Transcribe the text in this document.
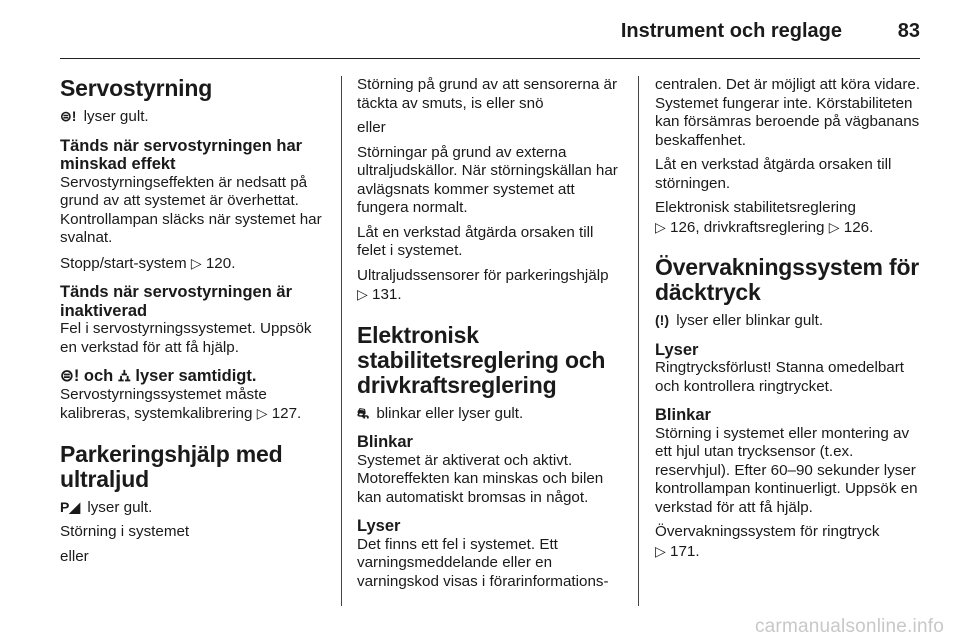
Instrument och reglage	83
Servostyrning

⊜! lyser gult.

Tänds när servostyrningen har minskad effekt

Servostyrningseffekten är nedsatt på grund av att systemet är överhettat. Kontrollampan släcks när systemet har svalnat.

Stopp/start-system ▷ 120.

Tänds när servostyrningen är inaktiverad

Fel i servostyrningssystemet. Uppsök en verkstad för att få hjälp.

⊜! och ⛼ lyser samtidigt.

Servostyrningssystemet måste kalibreras, systemkalibrering ▷ 127.

Parkeringshjälp med ultraljud

P◢ lyser gult.

Störning i systemet

eller

Störning på grund av att sensorerna är täckta av smuts, is eller snö

eller

Störningar på grund av externa ultraljudskällor. När störningskällan har avlägsnats kommer systemet att fungera normalt.

Låt en verkstad åtgärda orsaken till felet i systemet.

Ultraljudssensorer för parkeringshjälp ▷ 131.

Elektronisk stabilitetsreglering och drivkraftsreglering

⛐ blinkar eller lyser gult.

Blinkar

Systemet är aktiverat och aktivt. Motoreffekten kan minskas och bilen kan automatiskt bromsas in något.

Lyser

Det finns ett fel i systemet. Ett varningsmeddelande eller en varningskod visas i förarinformations-

centralen. Det är möjligt att köra vidare. Systemet fungerar inte. Körstabiliteten kan försämras beroende på vägbanans beskaffenhet.

Låt en verkstad åtgärda orsaken till störningen.

Elektronisk stabilitetsreglering
▷ 126, drivkraftsreglering ▷ 126.

Övervakningssystem för däcktryck

(!) lyser eller blinkar gult.

Lyser

Ringtrycksförlust! Stanna omedelbart och kontrollera ringtrycket.

Blinkar

Störning i systemet eller montering av ett hjul utan trycksensor (t.ex. reservhjul). Efter 60–90 sekunder lyser kontrollampan kontinuerligt. Uppsök en verkstad för att få hjälp.

Övervakningssystem för ringtryck
▷ 171.

carmanualsonline.info
